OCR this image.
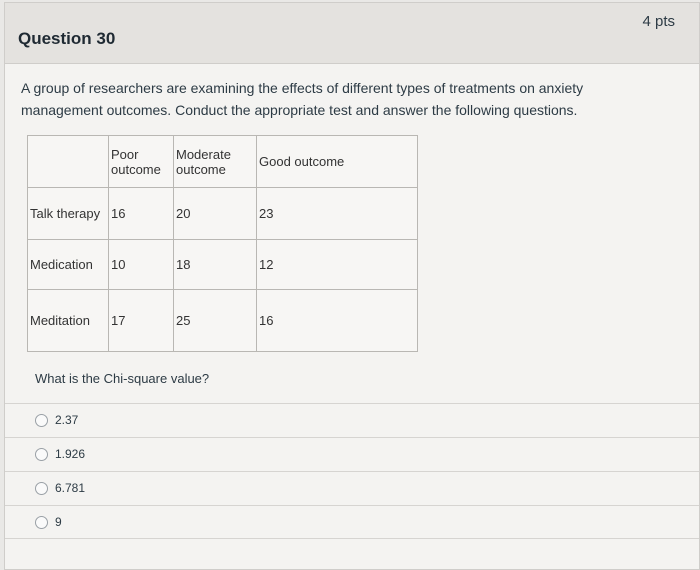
Question 30
4 pts
A group of researchers are examining the effects of different types of treatments on anxiety management outcomes. Conduct the appropriate test and answer the following questions.
	Poor outcome	Moderate outcome	Good outcome
Talk therapy	16	20	23
Medication	10	18	12
Meditation	17	25	16
What is the Chi-square value?
2.37
1.926
6.781
9
